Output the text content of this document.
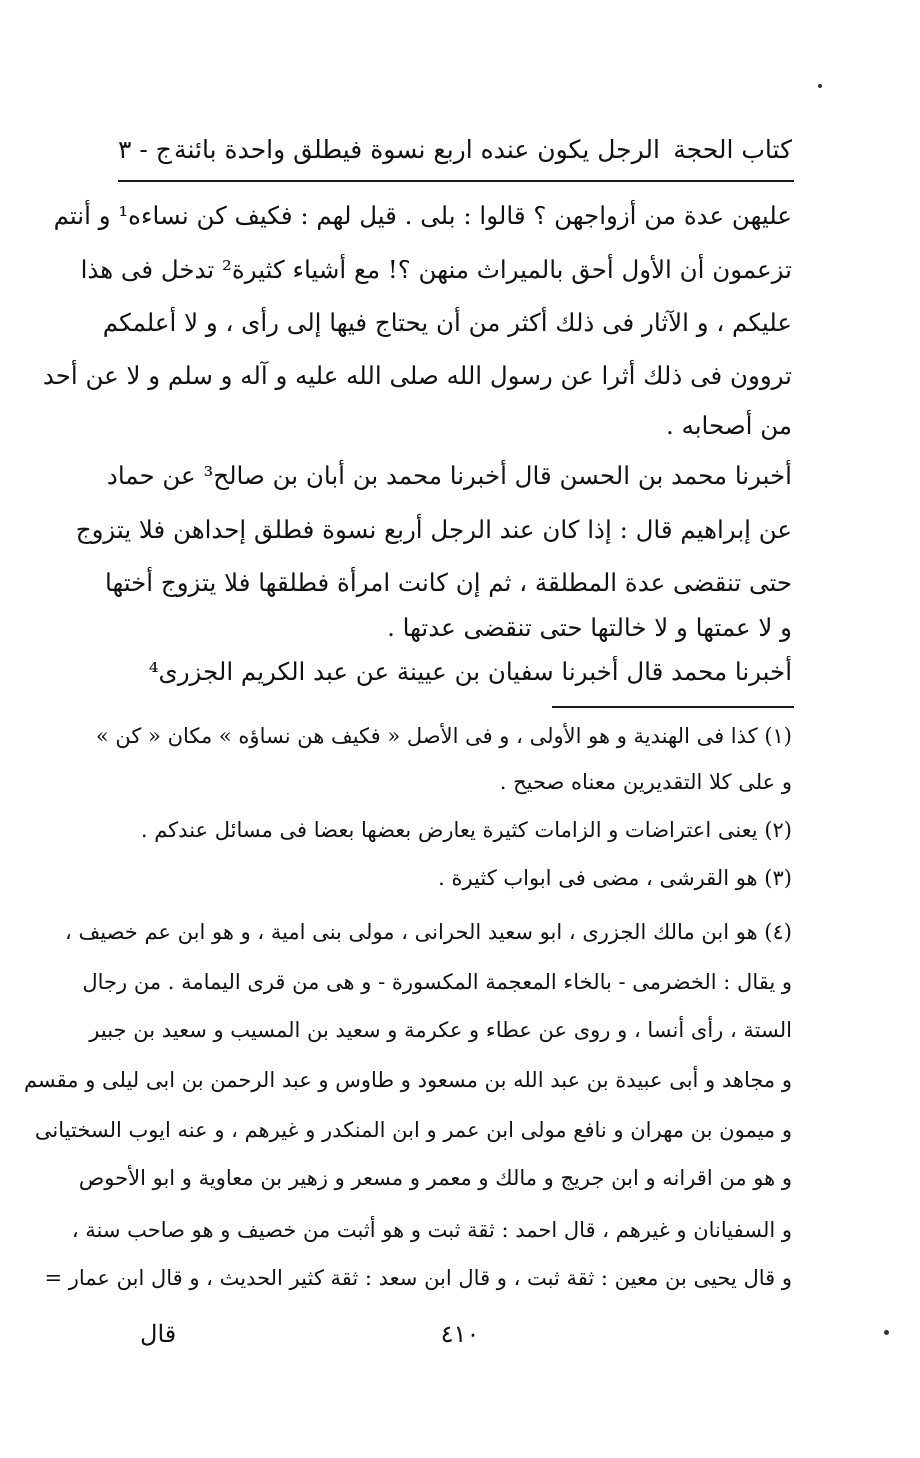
كتاب الحجة
الرجل يكون عنده اربع نسوة فيطلق واحدة بائنة
ج - ٣
عليهن عدة من أزواجهن ؟ قالوا : بلى . قيل لهم : فكيف كن نساءه¹ و أنتم
تزعمون أن الأول أحق بالميراث منهن ؟! مع أشياء كثيرة² تدخل فى هذا
عليكم ، و الآثار فى ذلك أكثر من أن يحتاج فيها إلى رأى ، و لا أعلمكم
تروون فى ذلك أثرا عن رسول الله صلى الله عليه و آله و سلم و لا عن أحد
من أصحابه .
أخبرنا محمد بن الحسن قال أخبرنا محمد بن أبان بن صالح³ عن حماد
عن إبراهيم قال : إذا كان عند الرجل أربع نسوة فطلق إحداهن فلا يتزوج
حتى تنقضى عدة المطلقة ، ثم إن كانت امرأة فطلقها فلا يتزوج أختها
و لا عمتها و لا خالتها حتى تنقضى عدتها .
أخبرنا محمد قال أخبرنا سفيان بن عيينة عن عبد الكريم الجزرى⁴
(١) كذا فى الهندية و هو الأولى ، و فى الأصل « فكيف هن نساؤه » مكان « كن »
و على كلا التقديرين معناه صحيح .
(٢) يعنى اعتراضات و الزامات كثيرة يعارض بعضها بعضا فى مسائل عندكم .
(٣) هو القرشى ، مضى فى ابواب كثيرة .
(٤) هو ابن مالك الجزرى ، ابو سعيد الحرانى ، مولى بنى امية ، و هو ابن عم خصيف ،
و يقال : الخضرمى - بالخاء المعجمة المكسورة - و هى من قرى اليمامة . من رجال
الستة ، رأى أنسا ، و روى عن عطاء و عكرمة و سعيد بن المسيب و سعيد بن جبير
و مجاهد و أبى عبيدة بن عبد الله بن مسعود و طاوس و عبد الرحمن بن ابى ليلى و مقسم
و ميمون بن مهران و نافع مولى ابن عمر و ابن المنكدر و غيرهم ، و عنه ايوب السختيانى
و هو من اقرانه و ابن جريج و مالك و معمر و مسعر و زهير بن معاوية و ابو الأحوص
و السفيانان و غيرهم ، قال احمد : ثقة ثبت و هو أثبت من خصيف و هو صاحب سنة ،
و قال يحيى بن معين : ثقة ثبت ، و قال ابن سعد : ثقة كثير الحديث ، و قال ابن عمار =
٤١٠
قال
